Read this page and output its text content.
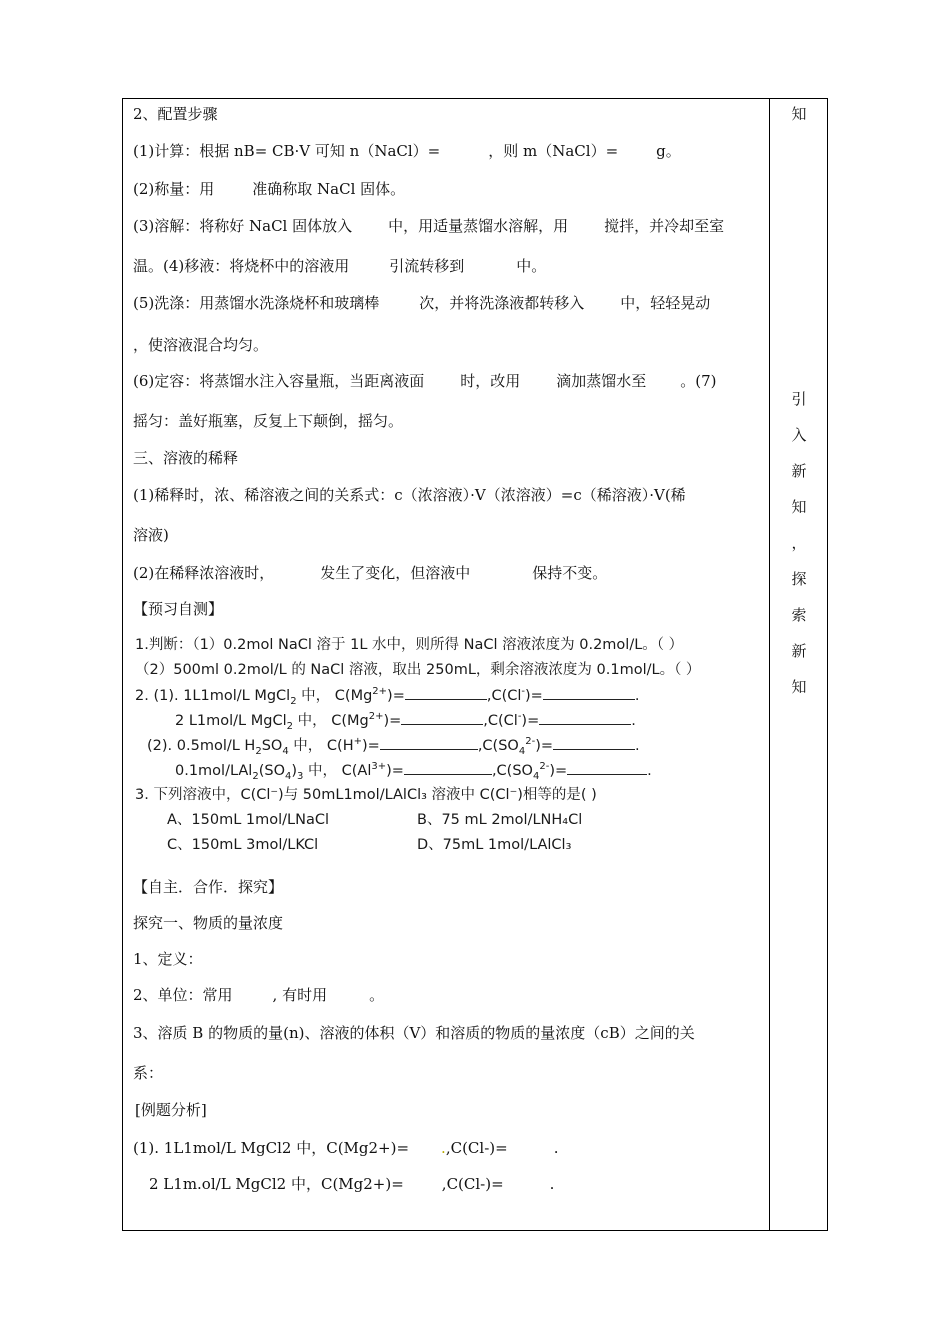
2、配置步骤
(1)计算：根据 nB= CB·V 可知 n（NaCl）=	，则 m（NaCl）=	g。
(2)称量：用	准确称取 NaCl 固体。
(3)溶解：将称好 NaCl 固体放入 中，用适量蒸馏水溶解，用 搅拌，并冷却至室
温。(4)移液：将烧杯中的溶液用	引流转移到	中。
(5)洗涤：用蒸馏水洗涤烧杯和玻璃棒	次，并将洗涤液都转移入 中，轻轻晃动
，使溶液混合均匀。
(6)定容：将蒸馏水注入容量瓶，当距离液面 时，改用 滴加蒸馏水至 。(7)
摇匀：盖好瓶塞，反复上下颠倒，摇匀。
三、溶液的稀释
(1)稀释时，浓、稀溶液之间的关系式：c（浓溶液）·V（浓溶液）=c（稀溶液）·V(稀
溶液)
(2)在稀释浓溶液时，	发生了变化，但溶液中	保持不变。
【预习自测】
1.判断：（1）0.2mol NaCl 溶于 1L 水中，则所得 NaCl 溶液浓度为 0.2mol/L。（ ）
（2）500ml 0.2mol/L 的 NaCl 溶液，取出 250mL，剩余溶液浓度为 0.1mol/L。（ ）
2. (1). 1L1mol/L MgCl$_2$ 中， $C(Mg^{2+})=$	,C(Cl-)=	.
2 L1mol/L MgCl$_2$ 中， $C(Mg^{2+})=$	,C(Cl-)=	.
(2). 0.5mol/L $H_2SO_4$ 中， C(H+)=	$,C(SO_4^{2-})=$	.
$0.1mol/LAl_2(SO_4)_3$ 中， $C(Al^{3+})=$	$,C(SO_4^{2-})=$	.
3. 下列溶液中，C(Cl⁻)与 50mL1mol/LAlCl₃ 溶液中 C(Cl⁻)相等的是( )
A、150mL 1mol/LNaCl	B、75 mL 2mol/LNH₄Cl
C、150mL 3mol/LKCl	D、75mL 1mol/LAlCl₃
【自主．合作．探究】
探究一、物质的量浓度
1、定义：
2、单位：常用	, 有时用	。
3、溶质 B 的物质的量(n)、溶液的体积（V）和溶质的物质的量浓度（cB）之间的关
系：
[例题分析]
(1). 1L1mol/L MgCl2 中，C(Mg2+)= .,C(Cl-)=	.
2 L1m.ol/L MgCl2 中，C(Mg2+)=	,C(Cl-)=	.
知
引
入
新
知
，
探
索
新
知
